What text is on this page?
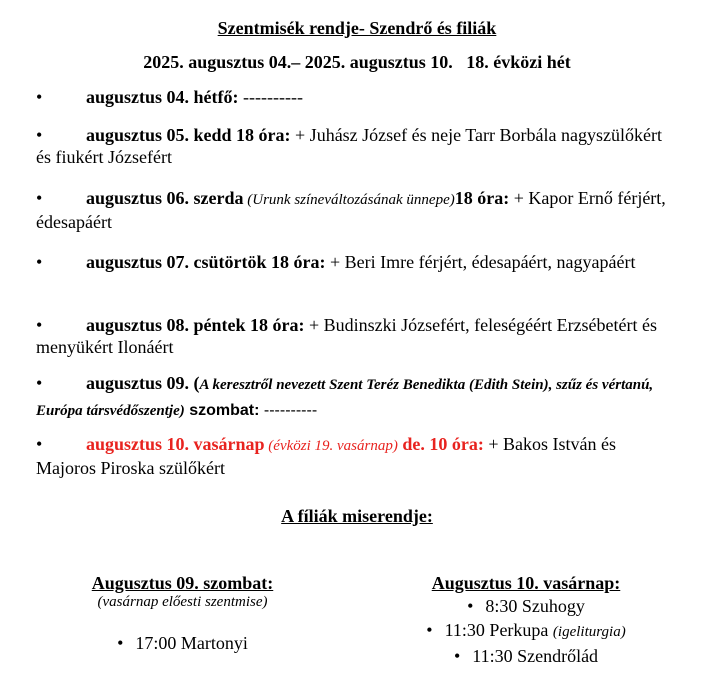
Szentmisék rendje- Szendrő és filiák
2025. augusztus 04.– 2025. augusztus 10.   18. évközi hét
• augusztus 04. hétfő: ----------
• augusztus 05. kedd 18 óra: + Juhász József és neje Tarr Borbála nagyszülőkért és fiukért Józsefért
• augusztus 06. szerda (Urunk színeváltozásának ünnepe)18 óra: + Kapor Ernő férjért, édesapáért
• augusztus 07. csütörtök 18 óra: + Beri Imre férjért, édesapáért, nagyapáért
• augusztus 08. péntek 18 óra: + Budinszki Józsefért, feleségéért Erzsébetért és menyükért Ilonáért
• augusztus 09. (A keresztről nevezett Szent Teréz Benedikta (Edith Stein), szűz és vértanú, Európa társvédőszentje) szombat: ----------
• augusztus 10. vasárnap (évközi 19. vasárnap) de. 10 óra: + Bakos István és Majoros Piroska szülőkért
A fíliák miserendje:
Augusztus 09. szombat:
(vasárnap előesti szentmise)
• 17:00 Martonyi
Augusztus 10. vasárnap:
• 8:30 Szuhogy
• 11:30 Perkupa (igeliturgia)
• 11:30 Szendrőlád
